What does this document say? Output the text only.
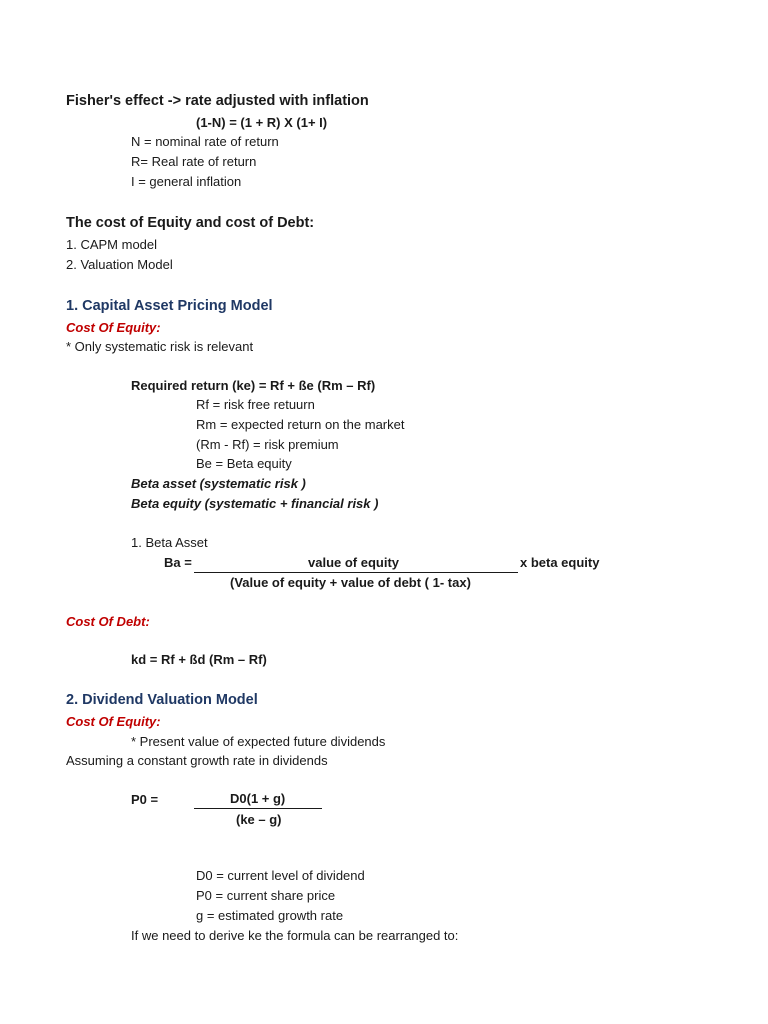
Fisher's effect -> rate adjusted with inflation
(1-N) = (1 + R) X (1+ I)
N = nominal rate of return
R= Real rate of return
I = general inflation
The cost of Equity and cost of Debt:
1. CAPM model
2. Valuation Model
1. Capital Asset Pricing Model
Cost Of Equity:
* Only systematic risk is relevant
Required return (ke) = Rf + ße (Rm – Rf)
Rf = risk free retuurn
Rm = expected return on the market
(Rm - Rf) = risk premium
Be = Beta equity
Beta asset (systematic risk )
Beta equity (systematic + financial risk )
1. Beta Asset
Ba =	value of equity	x beta equity
(Value of equity + value of debt ( 1- tax)
Cost Of Debt:
kd = Rf + ßd (Rm – Rf)
2. Dividend Valuation Model
Cost Of Equity:
* Present value of expected future dividends
Assuming a constant growth rate in dividends
P0 =	D0(1 + g)
(ke – g)
D0 = current level of dividend
P0 = current share price
g = estimated growth rate
If we need to derive ke the formula can be rearranged to:
